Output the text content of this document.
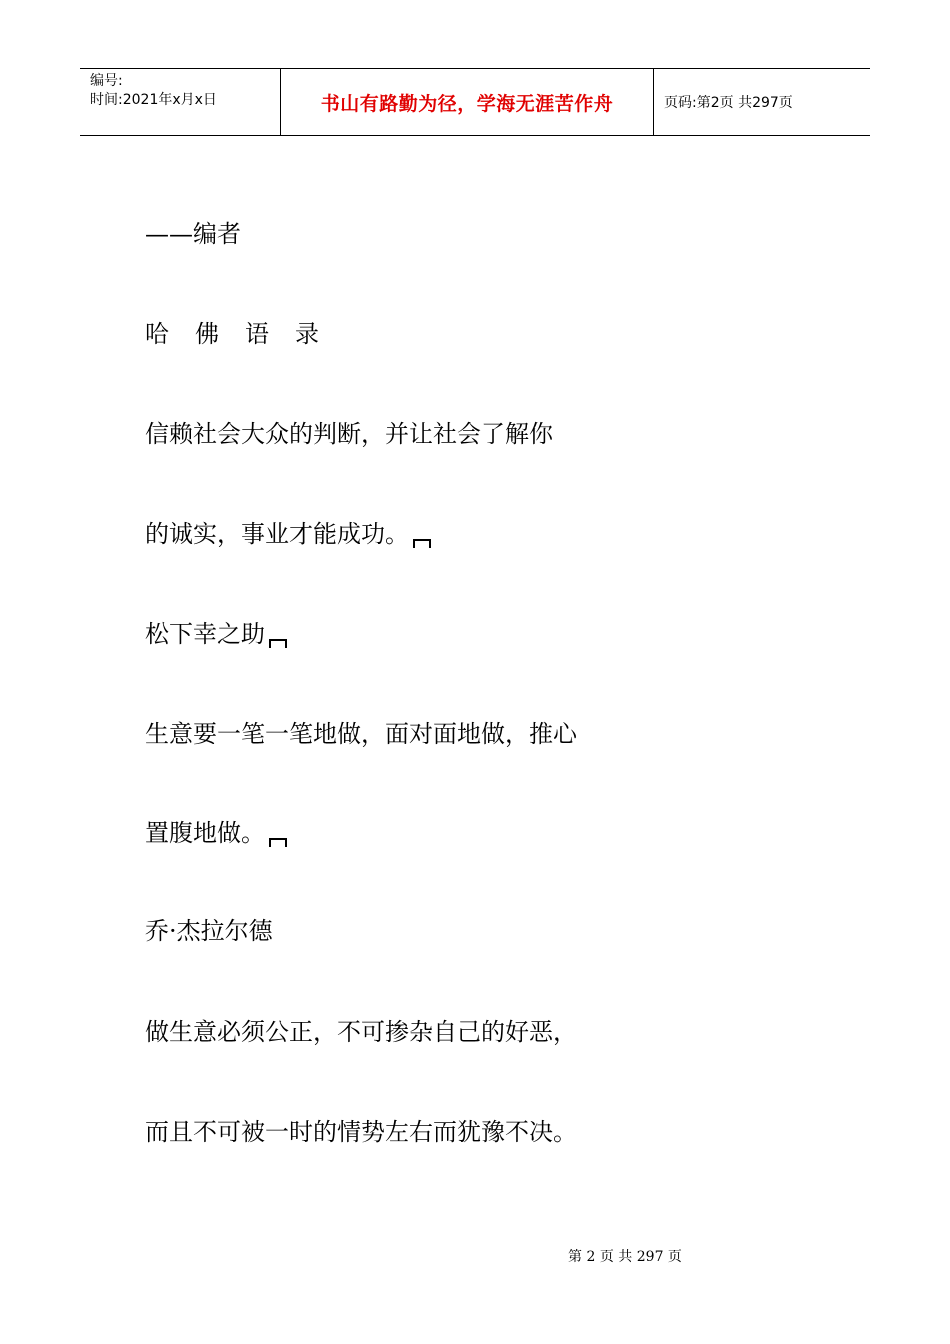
编号:
时间:2021年x月x日	书山有路勤为径，学海无涯苦作舟	页码:第2页 共297页
——编者
哈 佛 语 录
信赖社会大众的判断，并让社会了解你
的诚实，事业才能成功。
松下幸之助
生意要一笔一笔地做，面对面地做，推心
置腹地做。
乔·杰拉尔德
做生意必须公正，不可掺杂自己的好恶，
而且不可被一时的情势左右而犹豫不决。
第 2 页 共 297 页
